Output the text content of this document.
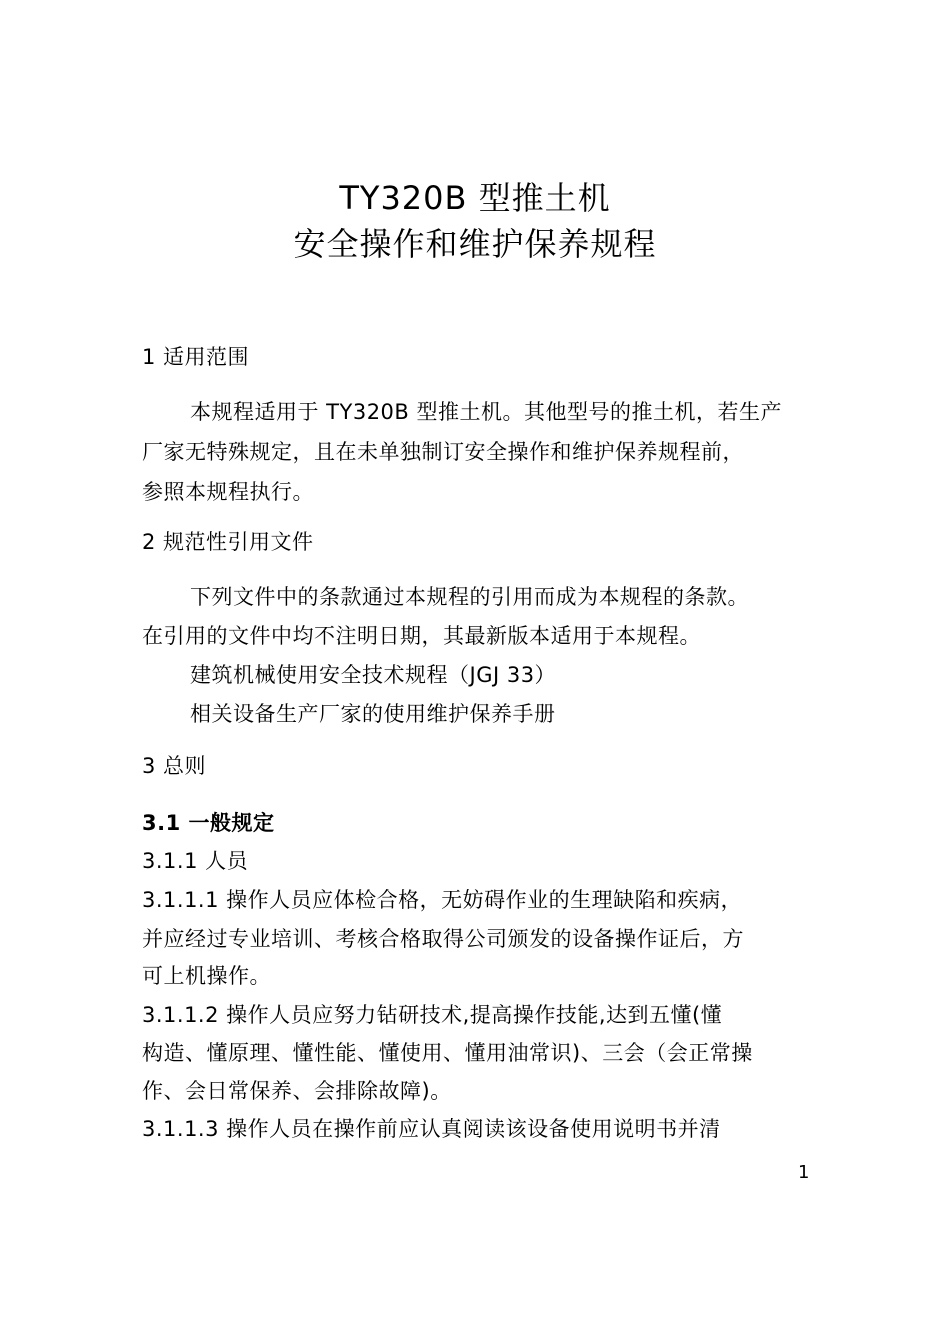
TY320B 型推土机
安全操作和维护保养规程
1 适用范围
本规程适用于 TY320B 型推土机。其他型号的推土机，若生产
厂家无特殊规定，且在未单独制订安全操作和维护保养规程前，
参照本规程执行。
2 规范性引用文件
下列文件中的条款通过本规程的引用而成为本规程的条款。
在引用的文件中均不注明日期，其最新版本适用于本规程。
建筑机械使用安全技术规程（JGJ 33）
相关设备生产厂家的使用维护保养手册
3 总则
3.1 一般规定
3.1.1 人员
3.1.1.1 操作人员应体检合格，无妨碍作业的生理缺陷和疾病，
并应经过专业培训、考核合格取得公司颁发的设备操作证后，方
可上机操作。
3.1.1.2 操作人员应努力钻研技术,提高操作技能,达到五懂(懂
构造、懂原理、懂性能、懂使用、懂用油常识)、三会（会正常操
作、会日常保养、会排除故障)。
3.1.1.3 操作人员在操作前应认真阅读该设备使用说明书并清
1
